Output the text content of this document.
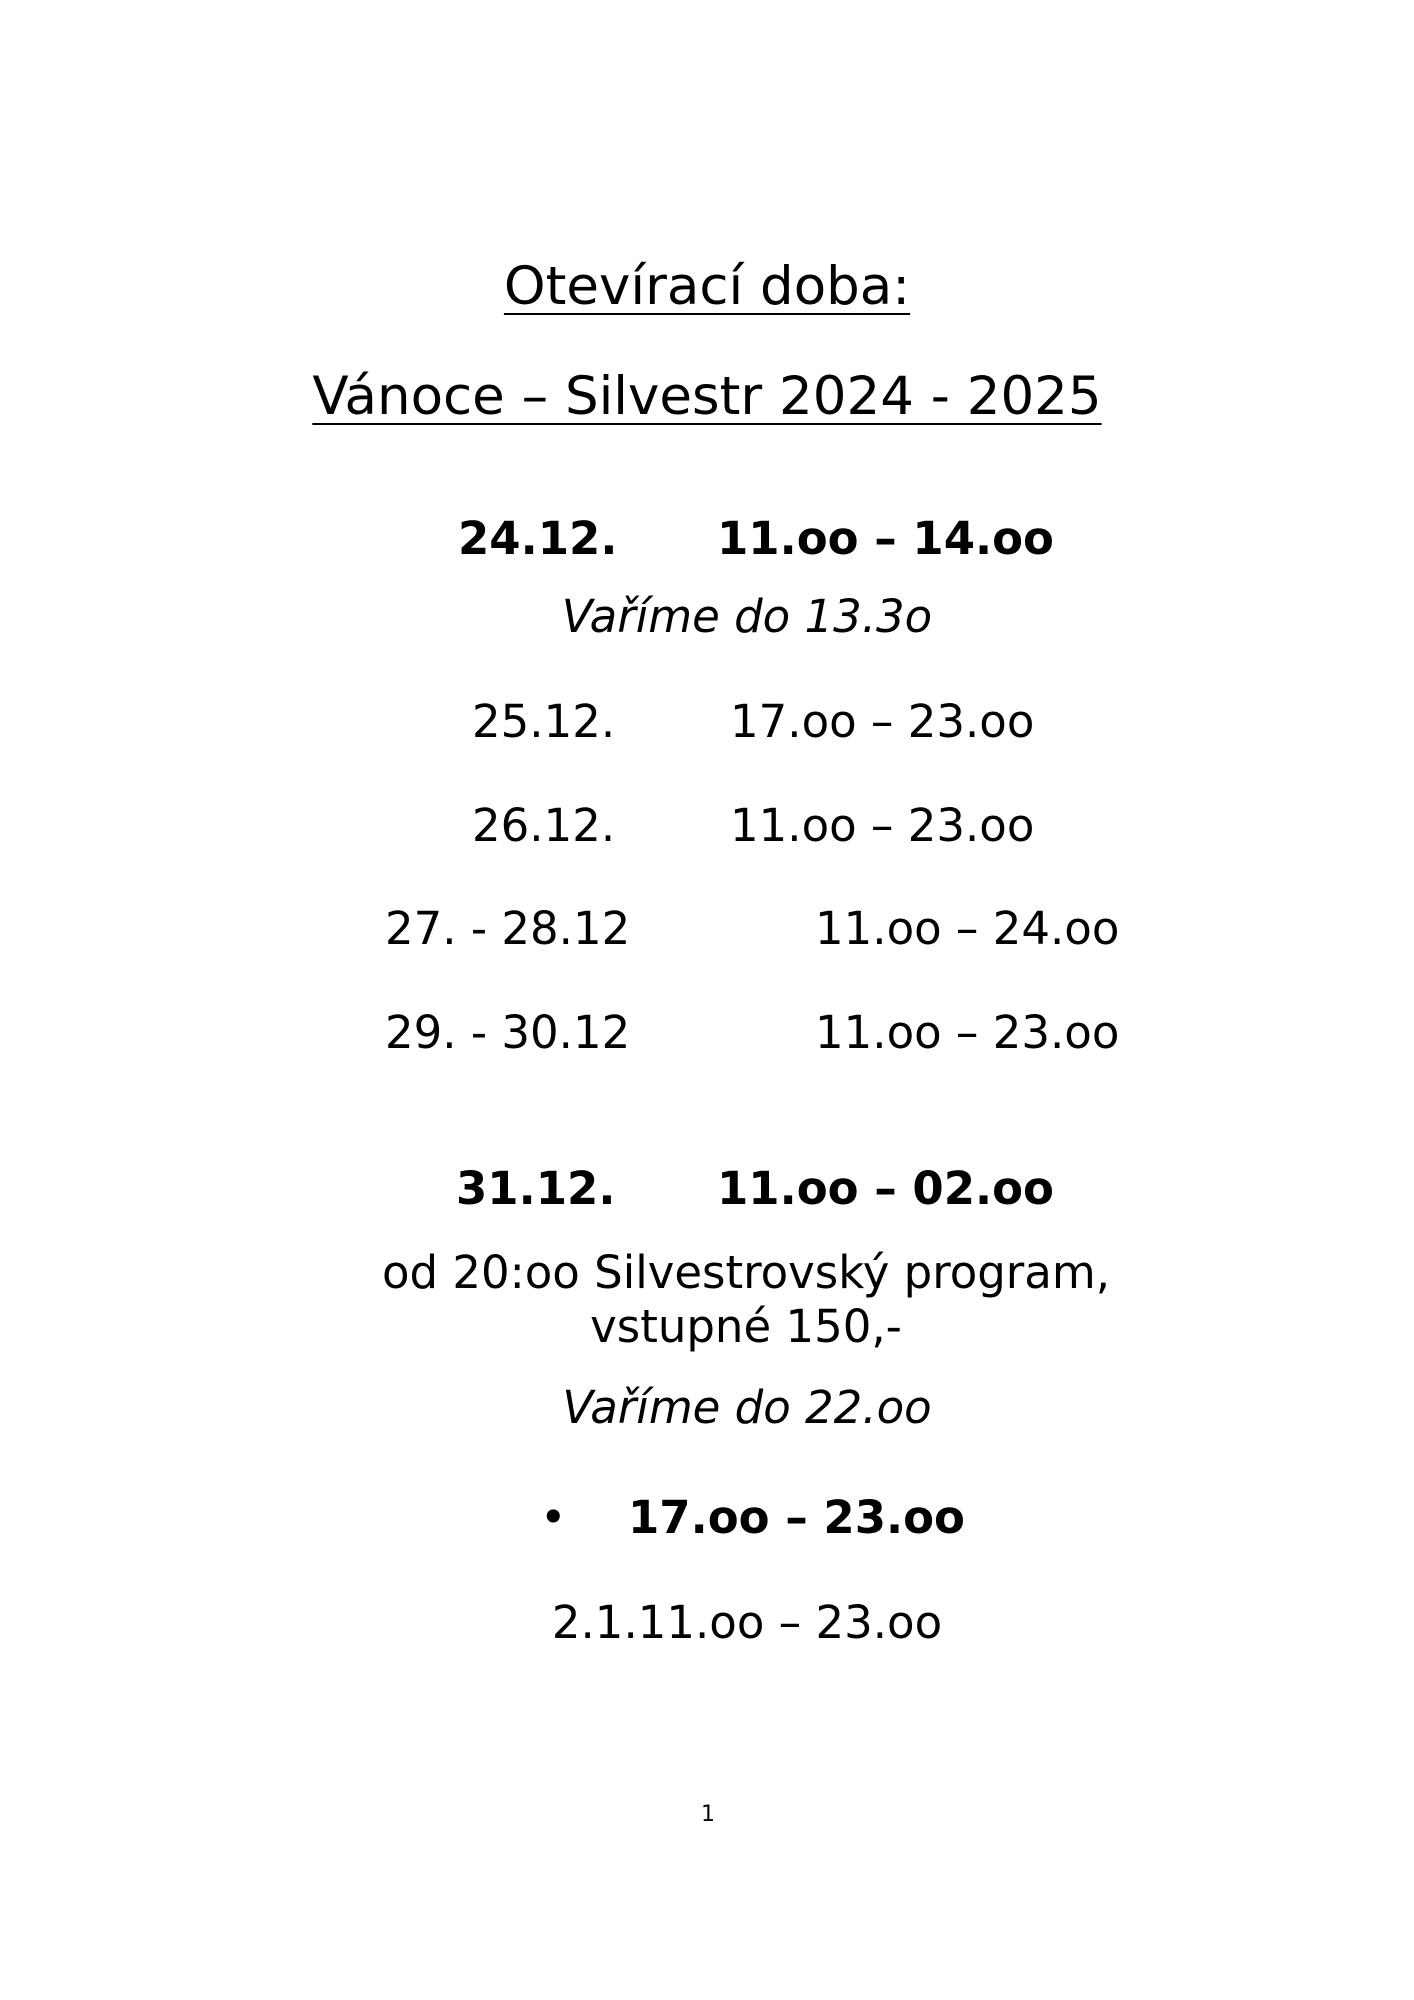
Otevírací doba:
Vánoce – Silvestr 2024 - 2025
24.12. 11.oo – 14.oo
Vaříme do 13.3o
25.12.	17.oo – 23.oo
26.12.	11.oo – 23.oo
27. - 28.12	11.oo – 24.oo
29. - 30.12	11.oo – 23.oo
31.12. 11.oo – 02.oo
od 20:oo Silvestrovský program,
vstupné 150,-
Vaříme do 22.oo
• 17.oo – 23.oo
2.1.11.oo – 23.oo
1
